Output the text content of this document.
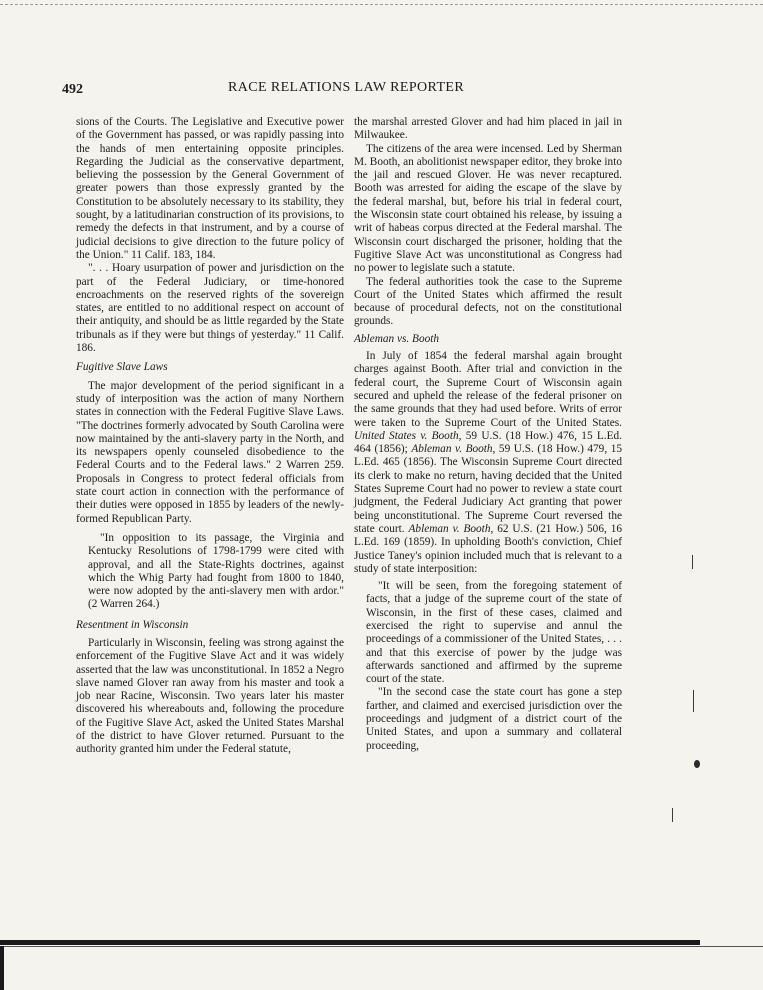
492	RACE RELATIONS LAW REPORTER

sions of the Courts. The Legislative and Executive power of the Government has passed, or was rapidly passing into the hands of men entertaining opposite principles. Regarding the Judicial as the conservative department, believing the possession by the General Government of greater powers than those expressly granted by the Constitution to be absolutely necessary to its stability, they sought, by a latitudinarian construction of its provisions, to remedy the defects in that instrument, and by a course of judicial decisions to give direction to the future policy of the Union." 11 Calif. 183, 184.

". . . Hoary usurpation of power and jurisdiction on the part of the Federal Judiciary, or time-honored encroachments on the reserved rights of the sovereign states, are entitled to no additional respect on account of their antiquity, and should be as little regarded by the State tribunals as if they were but things of yesterday." 11 Calif. 186.

Fugitive Slave Laws

The major development of the period significant in a study of interposition was the action of many Northern states in connection with the Federal Fugitive Slave Laws. "The doctrines formerly advocated by South Carolina were now maintained by the anti-slavery party in the North, and its newspapers openly counseled disobedience to the Federal Courts and to the Federal laws." 2 Warren 259. Proposals in Congress to protect federal officials from state court action in connection with the performance of their duties were opposed in 1855 by leaders of the newly-formed Republican Party.

"In opposition to its passage, the Virginia and Kentucky Resolutions of 1798-1799 were cited with approval, and all the State-Rights doctrines, against which the Whig Party had fought from 1800 to 1840, were now adopted by the anti-slavery men with ardor." (2 Warren 264.)

Resentment in Wisconsin

Particularly in Wisconsin, feeling was strong against the enforcement of the Fugitive Slave Act and it was widely asserted that the law was unconstitutional. In 1852 a Negro slave named Glover ran away from his master and took a job near Racine, Wisconsin. Two years later his master discovered his whereabouts and, following the procedure of the Fugitive Slave Act, asked the United States Marshal of the district to have Glover returned. Pursuant to the authority granted him under the Federal statute,

the marshal arrested Glover and had him placed in jail in Milwaukee.

The citizens of the area were incensed. Led by Sherman M. Booth, an abolitionist newspaper editor, they broke into the jail and rescued Glover. He was never recaptured. Booth was arrested for aiding the escape of the slave by the federal marshal, but, before his trial in federal court, the Wisconsin state court obtained his release, by issuing a writ of habeas corpus directed at the Federal marshal. The Wisconsin court discharged the prisoner, holding that the Fugitive Slave Act was unconstitutional as Congress had no power to legislate such a statute.

The federal authorities took the case to the Supreme Court of the United States which affirmed the result because of procedural defects, not on the constitutional grounds.

Ableman vs. Booth

In July of 1854 the federal marshal again brought charges against Booth. After trial and conviction in the federal court, the Supreme Court of Wisconsin again secured and upheld the release of the federal prisoner on the same grounds that they had used before. Writs of error were taken to the Supreme Court of the United States. United States v. Booth, 59 U.S. (18 How.) 476, 15 L.Ed. 464 (1856); Ableman v. Booth, 59 U.S. (18 How.) 479, 15 L.Ed. 465 (1856). The Wisconsin Supreme Court directed its clerk to make no return, having decided that the United States Supreme Court had no power to review a state court judgment, the Federal Judiciary Act granting that power being unconstitutional. The Supreme Court reversed the state court. Ableman v. Booth, 62 U.S. (21 How.) 506, 16 L.Ed. 169 (1859). In upholding Booth's conviction, Chief Justice Taney's opinion included much that is relevant to a study of state interposition:

"It will be seen, from the foregoing statement of facts, that a judge of the supreme court of the state of Wisconsin, in the first of these cases, claimed and exercised the right to supervise and annul the proceedings of a commissioner of the United States, . . . and that this exercise of power by the judge was afterwards sanctioned and affirmed by the supreme court of the state.

"In the second case the state court has gone a step farther, and claimed and exercised jurisdiction over the proceedings and judgment of a district court of the United States, and upon a summary and collateral proceeding,
